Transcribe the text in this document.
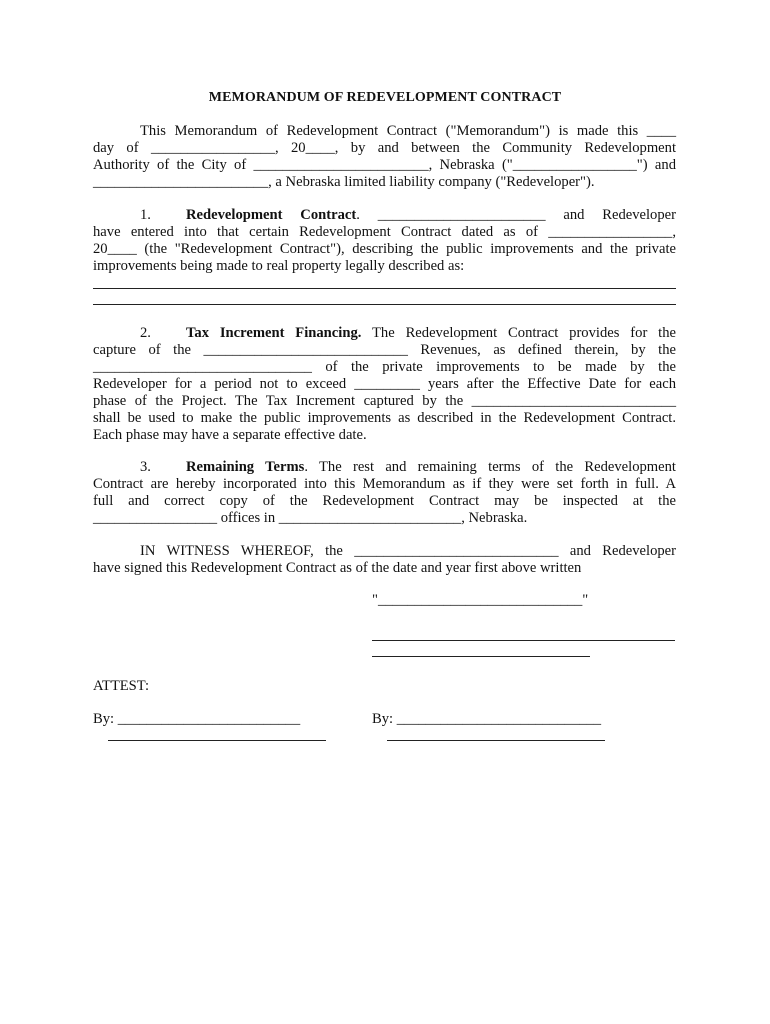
MEMORANDUM OF REDEVELOPMENT CONTRACT
This Memorandum of Redevelopment Contract ("Memorandum") is made this ____
day of _________________, 20____, by and between the Community Redevelopment
Authority of the City of ________________________, Nebraska ("_________________") and
________________________, a Nebraska limited liability company ("Redeveloper").
1. Redevelopment Contract. _______________________ and Redeveloper
have entered into that certain Redevelopment Contract dated as of _________________,
20____ (the "Redevelopment Contract"), describing the public improvements and the private
improvements being made to real property legally described as:
2. Tax Increment Financing. The Redevelopment Contract provides for the
capture of the ____________________________ Revenues, as defined therein, by the
______________________________ of the private improvements to be made by the
Redeveloper for a period not to exceed _________ years after the Effective Date for each
phase of the Project. The Tax Increment captured by the ____________________________
shall be used to make the public improvements as described in the Redevelopment Contract.
Each phase may have a separate effective date.
3. Remaining Terms. The rest and remaining terms of the Redevelopment
Contract are hereby incorporated into this Memorandum as if they were set forth in full. A
full and correct copy of the Redevelopment Contract may be inspected at the
_________________ offices in _________________________, Nebraska.
IN WITNESS WHEREOF, the ____________________________ and Redeveloper
have signed this Redevelopment Contract as of the date and year first above written
"____________________________"
ATTEST:
By: _________________________	By: ____________________________
